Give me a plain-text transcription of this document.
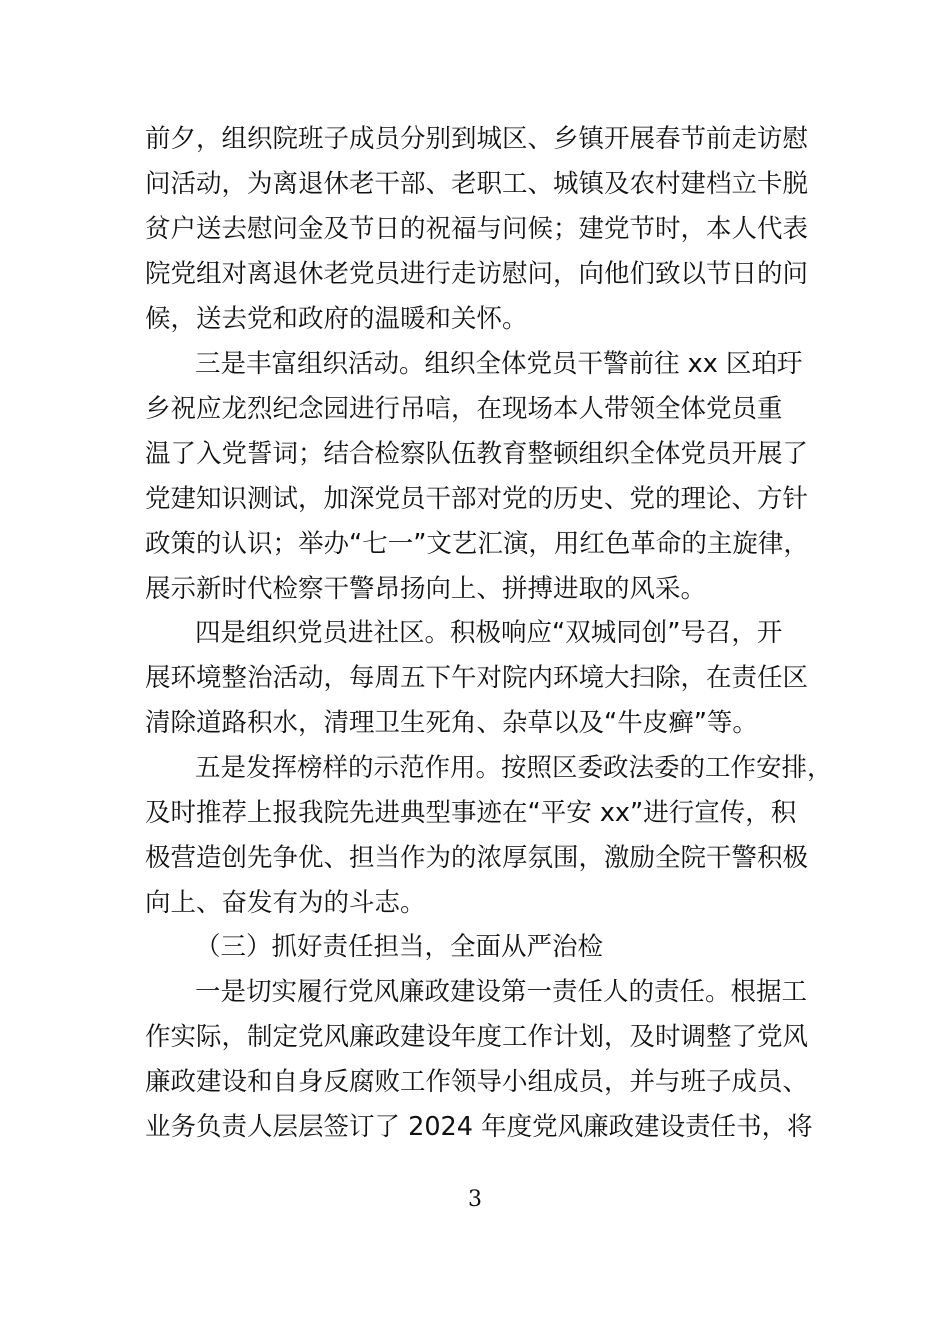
前夕，组织院班子成员分别到城区、乡镇开展春节前走访慰
问活动，为离退休老干部、老职工、城镇及农村建档立卡脱
贫户送去慰问金及节日的祝福与问候；建党节时，本人代表
院党组对离退休老党员进行走访慰问，向他们致以节日的问
候，送去党和政府的温暖和关怀。
三是丰富组织活动。组织全体党员干警前往 xx 区珀玗
乡祝应龙烈纪念园进行吊唁，在现场本人带领全体党员重
温了入党誓词；结合检察队伍教育整顿组织全体党员开展了
党建知识测试，加深党员干部对党的历史、党的理论、方针
政策的认识；举办“七一”文艺汇演，用红色革命的主旋律，
展示新时代检察干警昂扬向上、拼搏进取的风采。
四是组织党员进社区。积极响应“双城同创”号召，开
展环境整治活动，每周五下午对院内环境大扫除，在责任区
清除道路积水，清理卫生死角、杂草以及“牛皮癣”等。
五是发挥榜样的示范作用。按照区委政法委的工作安排，
及时推荐上报我院先进典型事迹在“平安 xx”进行宣传，积
极营造创先争优、担当作为的浓厚氛围，激励全院干警积极
向上、奋发有为的斗志。
（三）抓好责任担当，全面从严治检
一是切实履行党风廉政建设第一责任人的责任。根据工
作实际，制定党风廉政建设年度工作计划，及时调整了党风
廉政建设和自身反腐败工作领导小组成员，并与班子成员、
业务负责人层层签订了 2024 年度党风廉政建设责任书，将
3
